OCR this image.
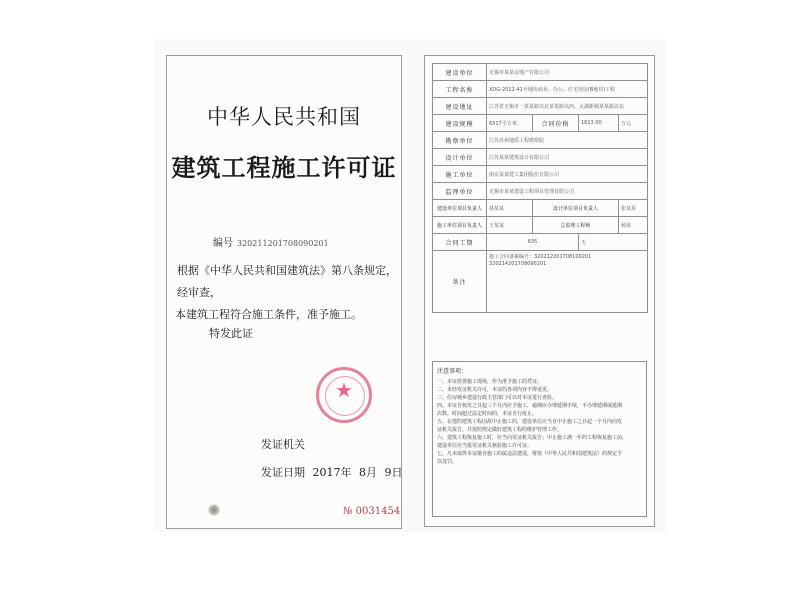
中华人民共和国
建筑工程施工许可证
编号 320211201708090201
根据《中华人民共和国建筑法》第八条规定，经审查，
本建筑工程符合施工条件，准予施工。
特发此证
★
发证机关
发证日期 2017年 8月 9日
№ 0031454
建设单位	无锡市某某房地产有限公司			
工程名称	XDG-2012-41号地块商业、办公、住宅用房(B地块)工程			
建设地址	江苏省无锡市一某某路以北某某路以西，太湖新城某某路以东			
建设规模	6317平方米	合同价格	1613.00	万元
勘察单位	江苏苏州地质工程勘察院			
设计单位	江苏某某建筑设计有限公司			
施工单位	南京某某建工集团股份有限公司			
监理单位	无锡市某某建设工程项目管理有限公司			
建设单位项目负责人	林某某	设计单位项目负责人		张某某
施工单位项目负责人	王某某	总监理工程师		杨某
合同工期	635		天	
备注	施工合同备案编号：320212201708100201 320214201708090201			
注意事项：
一、本证放置施工现场，作为准予施工的凭证。
二、未经发证机关许可，本证的各项内容不得变更。
三、住房城乡建设行政主管部门可以对本证进行查验。
四、本证自核发之日起三个月内应予施工，逾期应办理延期手续，不办理延期或延期
次数、时间超过法定时间的，本证自行废止。
五、在建的建筑工程因故中止施工的，建设单位应当自中止施工之日起一个月内向发
证机关报告，并按照规定做好建筑工程的维护管理工作。
六、建筑工程恢复施工时，应当向发证机关报告；中止施工满一年的工程恢复施工前，
建设单位应当报发证机关核验施工许可证。
七、凡未取得本证擅自施工的属违法建设，将按《中华人民共和国建筑法》的规定予
以处罚。
